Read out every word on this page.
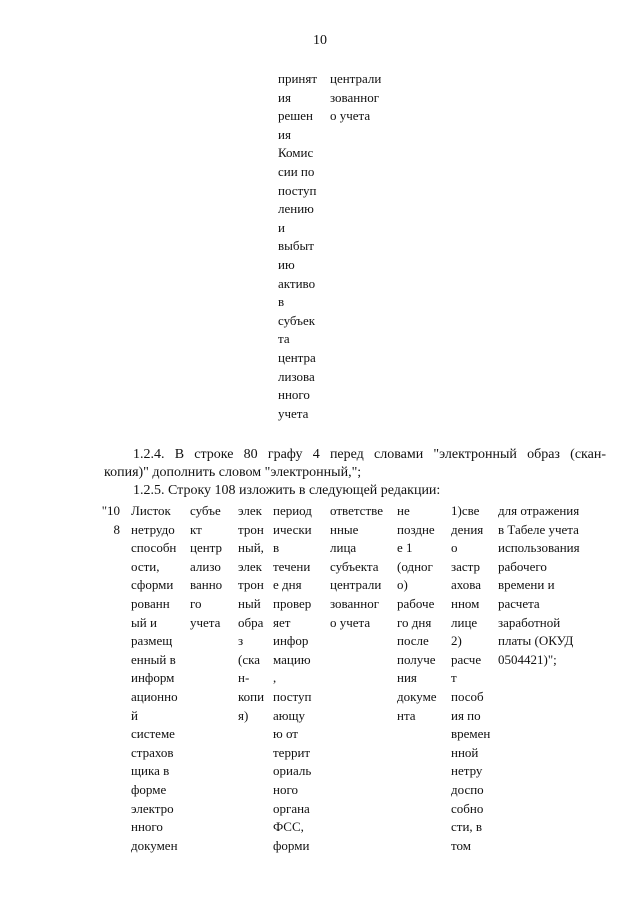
10
принят
ия
решен
ия
Комис
сии по
поступ
лению
и
выбыт
ию
активо
в
субъек
та
центра
лизова
нного
учета
централи
зованног
о учета
1.2.4. В строке 80 графу 4 перед словами "электронный образ (скан-
копия)" дополнить словом "электронный,";
1.2.5. Строку 108 изложить в следующей редакции:
"10
8
Листок
нетрудо
способн
ости,
сформи
рованн
ый и
размещ
енный в
информ
ационно
й
системе
страхов
щика в
форме
электро
нного
докумен
субъе
кт
центр
ализо
ванно
го
учета
элек
трон
ный,
элек
трон
ный
обра
з
(ска
н-
копи
я)
период
ически
в
течени
е дня
провер
яет
инфор
мацию
,
поступ
ающу
ю от
террит
ориаль
ного
органа
ФСС,
форми
ответстве
нные
лица
субъекта
централи
зованног
о учета
не
поздне
е 1
(одног
о)
рабоче
го дня
после
получе
ния
докуме
нта
1)све
дения
о
застр
ахова
нном
лице
2)
расче
т
пособ
ия по
времен
нной
нетру
доспо
собно
сти, в
том
для отражения
в Табеле учета
использования
рабочего
времени и
расчета
заработной
платы (ОКУД
0504421)";
